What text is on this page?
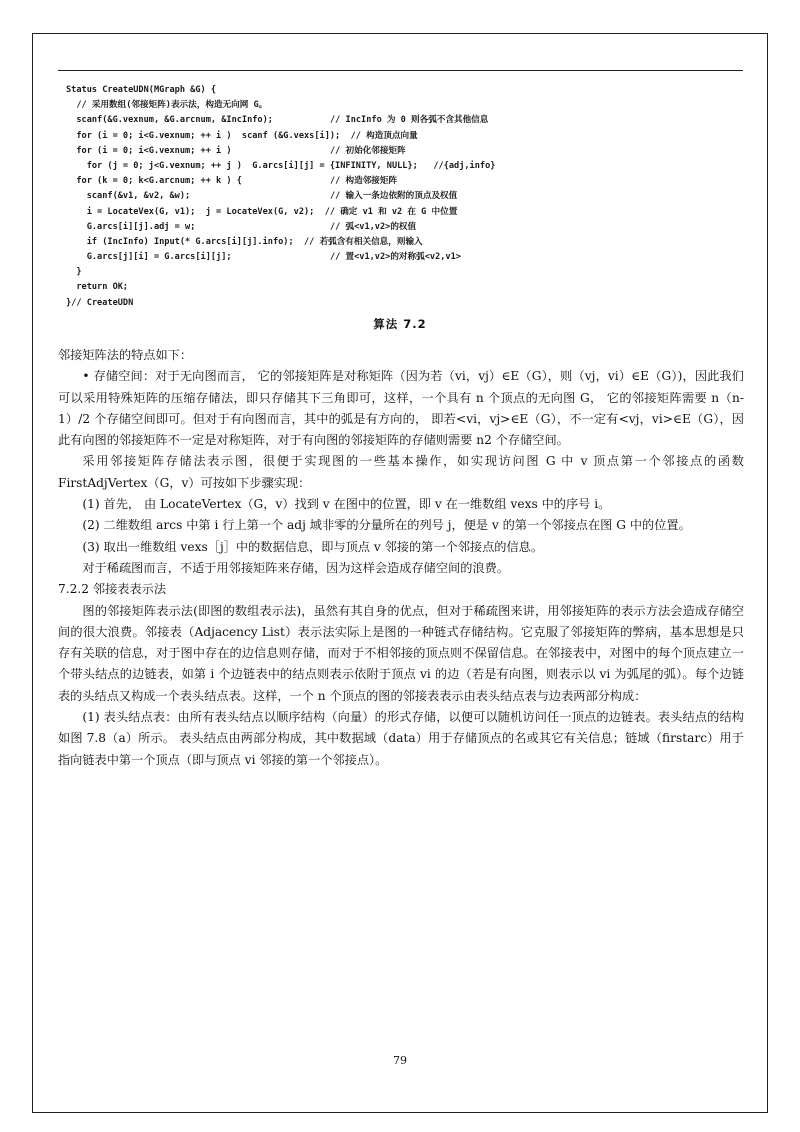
Status CreateUDN(MGraph &G) {
// 采用数组(邻接矩阵)表示法，构造无向网 G。
scanf(&G.vexnum, &G.arcnum, &IncInfo);	// IncInfo 为 0 则各弧不含其他信息
for (i = 0; i<G.vexnum; ++ i )  scanf (&G.vexs[i]);  // 构造顶点向量
for (i = 0; i<G.vexnum; ++ i )	// 初始化邻接矩阵
for (j = 0; j<G.vexnum; ++ j )  G.arcs[i][j] = {INFINITY, NULL};   //{adj,info}
for (k = 0; k<G.arcnum; ++ k ) {	// 构造邻接矩阵
scanf(&v1, &v2, &w);	// 输入一条边依附的顶点及权值
i = LocateVex(G, v1);  j = LocateVex(G, v2);  // 确定 v1 和 v2 在 G 中位置
G.arcs[i][j].adj = w;	// 弧<v1,v2>的权值
if (IncInfo) Input(* G.arcs[i][j].info);  // 若弧含有相关信息，则输入
G.arcs[j][i] = G.arcs[i][j];	// 置<v1,v2>的对称弧<v2,v1>
}
return OK;
}// CreateUDN
算法 7.2

邻接矩阵法的特点如下：

• 存储空间：对于无向图而言， 它的邻接矩阵是对称矩阵（因为若（vi，vj）∈E（G），则（vj，vi）∈E（G）)，因此我们可以采用特殊矩阵的压缩存储法，即只存储其下三角即可，这样，一个具有 n 个顶点的无向图 G， 它的邻接矩阵需要 n（n-1）/2 个存储空间即可。但对于有向图而言，其中的弧是有方向的， 即若<vi，vj>∈E（G），不一定有<vj，vi>∈E（G），因此有向图的邻接矩阵不一定是对称矩阵，对于有向图的邻接矩阵的存储则需要 n2 个存储空间。

采用邻接矩阵存储法表示图，很便于实现图的一些基本操作，如实现访问图 G 中 v 顶点第一个邻接点的函数 FirstAdjVertex（G，v）可按如下步骤实现：

(1) 首先， 由 LocateVertex（G，v）找到 v 在图中的位置，即 v 在一维数组 vexs 中的序号 i。

(2) 二维数组 arcs 中第 i 行上第一个 adj 域非零的分量所在的列号 j，便是 v 的第一个邻接点在图 G 中的位置。

(3) 取出一维数组 vexs［j］中的数据信息，即与顶点 v 邻接的第一个邻接点的信息。

对于稀疏图而言，不适于用邻接矩阵来存储，因为这样会造成存储空间的浪费。

7.2.2 邻接表表示法

图的邻接矩阵表示法(即图的数组表示法)，虽然有其自身的优点，但对于稀疏图来讲，用邻接矩阵的表示方法会造成存储空间的很大浪费。邻接表（Adjacency List）表示法实际上是图的一种链式存储结构。它克服了邻接矩阵的弊病，基本思想是只存有关联的信息，对于图中存在的边信息则存储，而对于不相邻接的顶点则不保留信息。在邻接表中，对图中的每个顶点建立一个带头结点的边链表，如第 i 个边链表中的结点则表示依附于顶点 vi 的边（若是有向图，则表示以 vi 为弧尾的弧）。每个边链表的头结点又构成一个表头结点表。这样，一个 n 个顶点的图的邻接表表示由表头结点表与边表两部分构成：

(1) 表头结点表：由所有表头结点以顺序结构（向量）的形式存储，以便可以随机访问任一顶点的边链表。表头结点的结构如图 7.8（a）所示。 表头结点由两部分构成，其中数据域（data）用于存储顶点的名或其它有关信息；链域（firstarc）用于指向链表中第一个顶点（即与顶点 vi 邻接的第一个邻接点）。

79
